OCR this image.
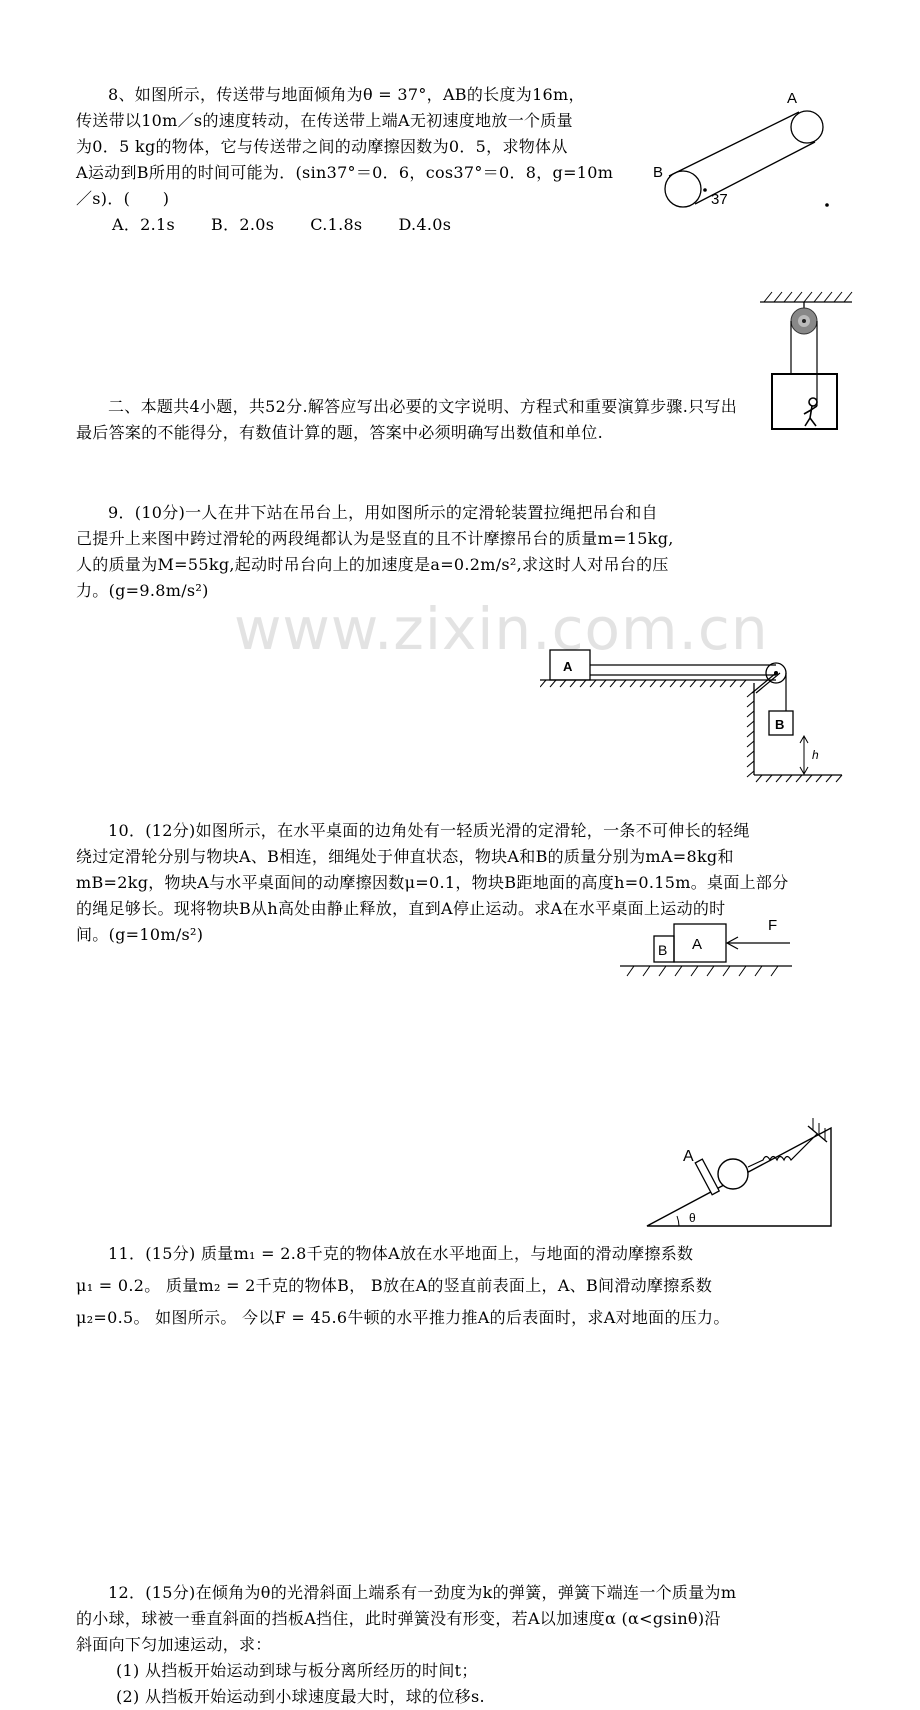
www.zixin.com.cn
8、如图所示，传送带与地面倾角为θ = 37°，AB的长度为16m，
传送带以10m／s的速度转动，在传送带上端A无初速度地放一个质量
为0．5 kg的物体，它与传送带之间的动摩擦因数为0．5，求物体从
A运动到B所用的时间可能为．(sin37°＝0．6，cos37°＝0．8，g=10m
／s)．(　　)
A．2.1s B．2.0s C.1.8s D.4.0s
A
B
37
二、本题共4小题，共52分.解答应写出必要的文字说明、方程式和重要演算步骤.只写出
最后答案的不能得分，有数值计算的题，答案中必须明确写出数值和单位.
9．(10分)一人在井下站在吊台上，用如图所示的定滑轮装置拉绳把吊台和自
己提升上来图中跨过滑轮的两段绳都认为是竖直的且不计摩擦吊台的质量m=15kg,
人的质量为M=55kg,起动时吊台向上的加速度是a=0.2m/s²,求这时人对吊台的压
力。(g=9.8m/s²)
10．(12分)如图所示，在水平桌面的边角处有一轻质光滑的定滑轮，一条不可伸长的轻绳
绕过定滑轮分别与物块A、B相连，细绳处于伸直状态，物块A和B的质量分别为mA=8kg和
mB=2kg，物块A与水平桌面间的动摩擦因数μ=0.1，物块B距地面的高度h=0.15m。桌面上部分
的绳足够长。现将物块B从h高处由静止释放，直到A停止运动。求A在水平桌面上运动的时
间。(g=10m/s²)
A
B
h
11．(15分) 质量m₁ = 2.8千克的物体A放在水平地面上，与地面的滑动摩擦系数
μ₁ = 0.2。 质量m₂ = 2千克的物体B， B放在A的竖直前表面上，A、B间滑动摩擦系数
μ₂=0.5。 如图所示。 今以F = 45.6牛顿的水平推力推A的后表面时，求A对地面的压力。
B A
F
12．(15分)在倾角为θ的光滑斜面上端系有一劲度为k的弹簧，弹簧下端连一个质量为m
的小球，球被一垂直斜面的挡板A挡住，此时弹簧没有形变，若A以加速度α (α<gsinθ)沿
斜面向下匀加速运动，求：
(1) 从挡板开始运动到球与板分离所经历的时间t；
(2) 从挡板开始运动到小球速度最大时，球的位移s.
θ
A
